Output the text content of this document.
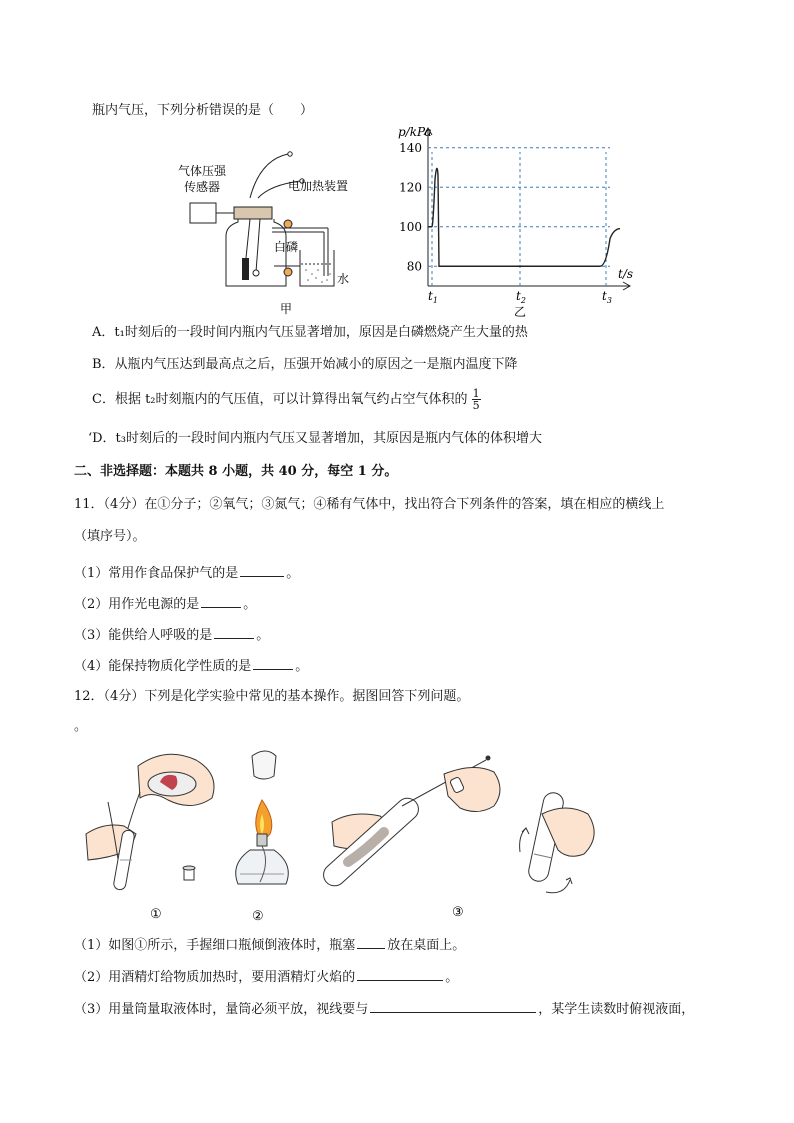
瓶内气压，下列分析错误的是（　　）
气体压强
传感器	电加热装置
白磷
水
甲
p/kPa
t/s
140
120
100
80
$t_1$	$t_2$	$t_3$
乙
A．t₁时刻后的一段时间内瓶内气压显著增加，原因是白磷燃烧产生大量的热
B．从瓶内气压达到最高点之后，压强开始减小的原因之一是瓶内温度下降
C．根据 t₂时刻瓶内的气压值，可以计算得出氧气约占空气体积的 $\frac{1}{5}$
‘D．t₃时刻后的一段时间内瓶内气压又显著增加，其原因是瓶内气体的体积增大
二、非选择题：本题共 8 小题，共 40 分，每空 1 分。
11．（4分）在①分子；②氧气；③氮气；④稀有气体中，找出符合下列条件的答案，填在相应的横线上
（填序号）。
（1）常用作食品保护气的是	。
（2）用作光电源的是	。
（3）能供给人呼吸的是	。
（4）能保持物质化学性质的是	。
12．（4分）下列是化学实验中常见的基本操作。据图回答下列问题。
。
①	②	③
（1）如图①所示，手握细口瓶倾倒液体时，瓶塞 放在桌面上。
（2）用酒精灯给物质加热时，要用酒精灯火焰的	。
（3）用量筒量取液体时，量筒必须平放，视线要与	，某学生读数时俯视液面，
